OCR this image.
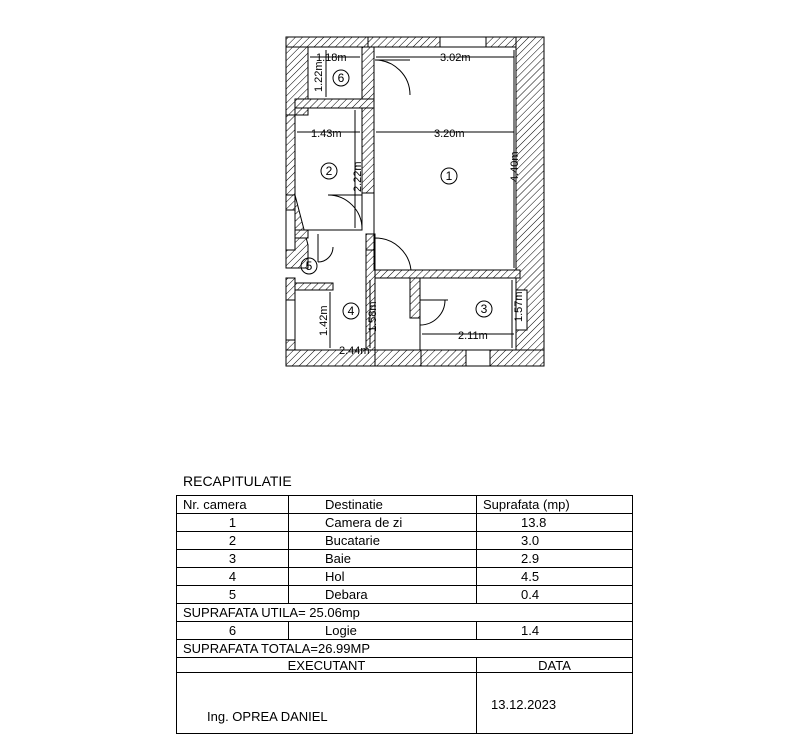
1.18m	3.02m
1.22m
1.43m	3.20m
4.40m
2.22m
2.44m
1.42m	1.58m	1.57m
2.11m
1
2
3
4
5
6
RECAPITULATIE
Nr. camera	Destinatie	Suprafata (mp)
1	Camera de zi	13.8
2	Bucatarie	3.0
3	Baie	2.9
4	Hol	4.5
5	Debara	0.4
SUPRAFATA UTILA= 25.06mp		
6	Logie	1.4
SUPRAFATA TOTALA=26.99MP		
EXECUTANT		DATA

Ing. OPREA DANIEL		13.12.2023
